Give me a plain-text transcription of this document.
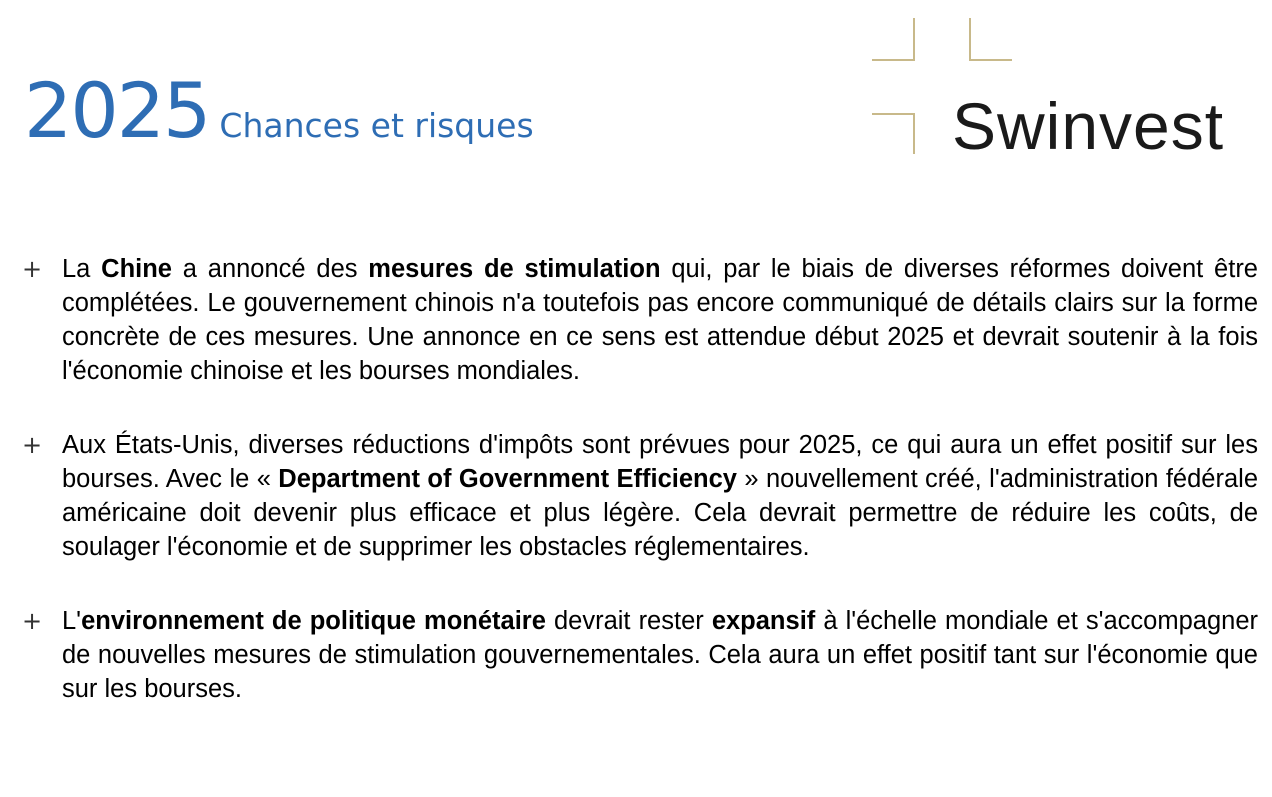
2025 Chances et risques	Swinvest
+ La Chine a annoncé des mesures de stimulation qui, par le biais de diverses réformes doivent être complétées. Le gouvernement chinois n'a toutefois pas encore communiqué de détails clairs sur la forme concrète de ces mesures. Une annonce en ce sens est attendue début 2025 et devrait soutenir à la fois l'économie chinoise et les bourses mondiales.

+ Aux États-Unis, diverses réductions d'impôts sont prévues pour 2025, ce qui aura un effet positif sur les bourses. Avec le « Department of Government Efficiency » nouvellement créé, l'administration fédérale américaine doit devenir plus efficace et plus légère. Cela devrait permettre de réduire les coûts, de soulager l'économie et de supprimer les obstacles réglementaires.

+ L'environnement de politique monétaire devrait rester expansif à l'échelle mondiale et s'accompagner de nouvelles mesures de stimulation gouvernementales. Cela aura un effet positif tant sur l'économie que sur les bourses.
